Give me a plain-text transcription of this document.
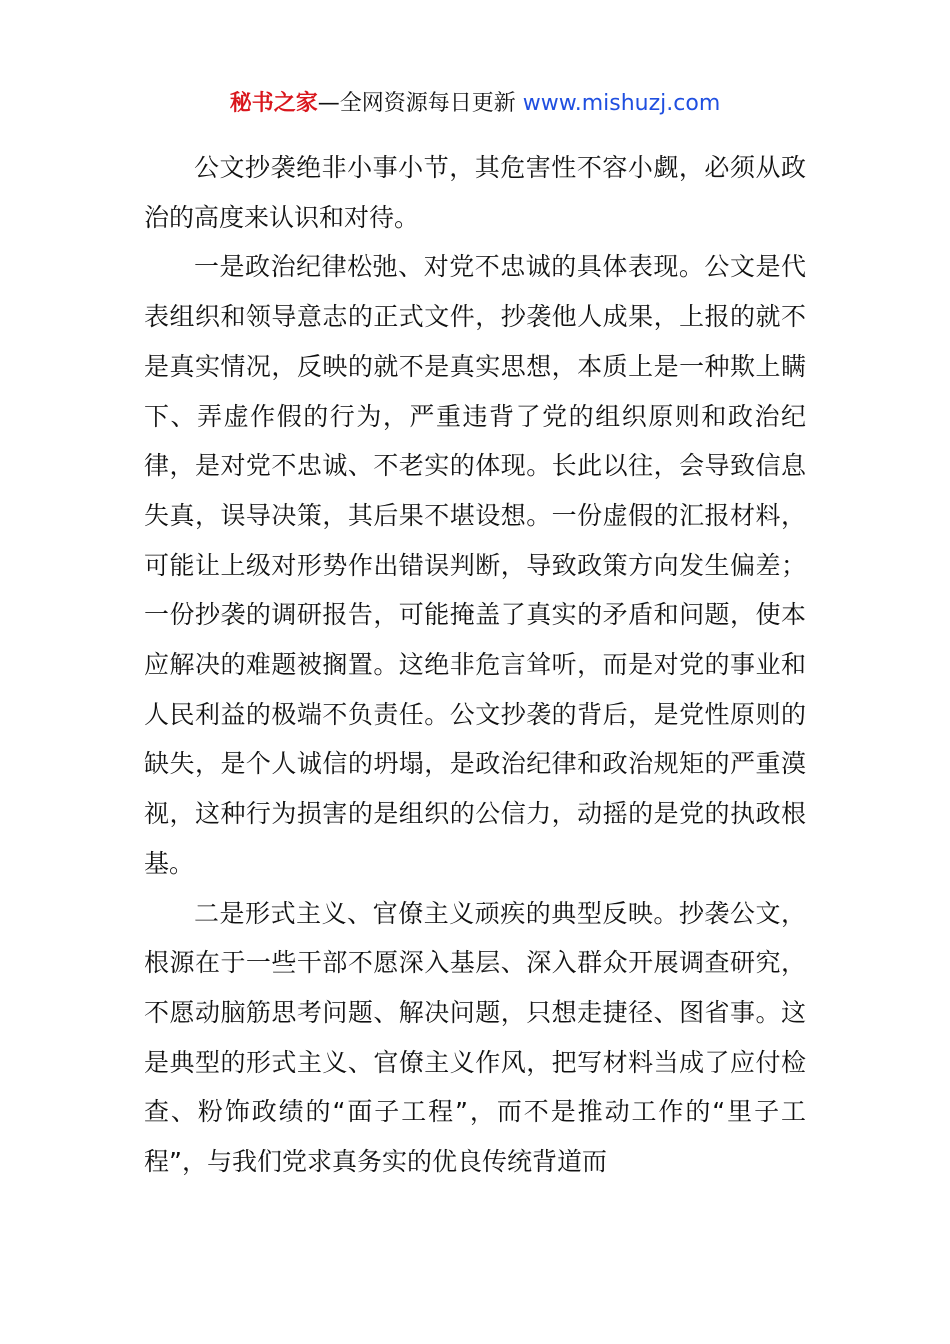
秘书之家—全网资源每日更新 www.mishuzj.com

公文抄袭绝非小事小节，其危害性不容小觑，必须从政治的高度来认识和对待。

一是政治纪律松弛、对党不忠诚的具体表现。公文是代表组织和领导意志的正式文件，抄袭他人成果，上报的就不是真实情况，反映的就不是真实思想，本质上是一种欺上瞒下、弄虚作假的行为，严重违背了党的组织原则和政治纪律，是对党不忠诚、不老实的体现。长此以往，会导致信息失真，误导决策，其后果不堪设想。一份虚假的汇报材料，可能让上级对形势作出错误判断，导致政策方向发生偏差；一份抄袭的调研报告，可能掩盖了真实的矛盾和问题，使本应解决的难题被搁置。这绝非危言耸听，而是对党的事业和人民利益的极端不负责任。公文抄袭的背后，是党性原则的缺失，是个人诚信的坍塌，是政治纪律和政治规矩的严重漠视，这种行为损害的是组织的公信力，动摇的是党的执政根基。

二是形式主义、官僚主义顽疾的典型反映。抄袭公文，根源在于一些干部不愿深入基层、深入群众开展调查研究，不愿动脑筋思考问题、解决问题，只想走捷径、图省事。这是典型的形式主义、官僚主义作风，把写材料当成了应付检查、粉饰政绩的“面子工程”，而不是推动工作的“里子工程”，与我们党求真务实的优良传统背道而
